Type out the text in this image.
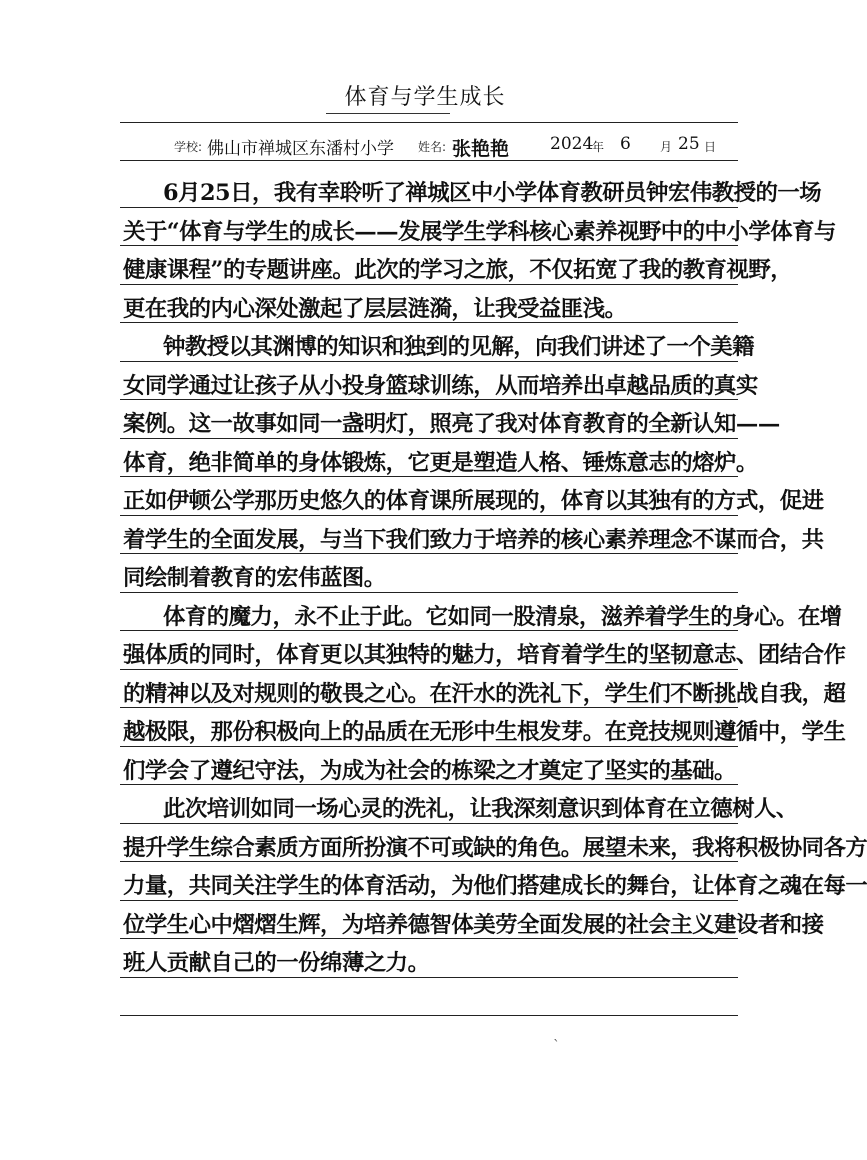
体育与学生成长
学校: 佛山市禅城区东潘村小学 姓名: 张艳艳 2024
年 6 月 25 日
6月25日，我有幸聆听了禅城区中小学体育教研员钟宏伟教授的一场
关于“体育与学生的成长——发展学生学科核心素养视野中的中小学体育与
健康课程”的专题讲座。此次的学习之旅，不仅拓宽了我的教育视野，
更在我的内心深处激起了层层涟漪，让我受益匪浅。
钟教授以其渊博的知识和独到的见解，向我们讲述了一个美籍
女同学通过让孩子从小投身篮球训练，从而培养出卓越品质的真实
案例。这一故事如同一盏明灯，照亮了我对体育教育的全新认知——
体育，绝非简单的身体锻炼，它更是塑造人格、锤炼意志的熔炉。
正如伊顿公学那历史悠久的体育课所展现的，体育以其独有的方式，促进
着学生的全面发展，与当下我们致力于培养的核心素养理念不谋而合，共
同绘制着教育的宏伟蓝图。
体育的魔力，永不止于此。它如同一股清泉，滋养着学生的身心。在增
强体质的同时，体育更以其独特的魅力，培育着学生的坚韧意志、团结合作
的精神以及对规则的敬畏之心。在汗水的洗礼下，学生们不断挑战自我，超
越极限，那份积极向上的品质在无形中生根发芽。在竞技规则遵循中，学生
们学会了遵纪守法，为成为社会的栋梁之才奠定了坚实的基础。
此次培训如同一场心灵的洗礼，让我深刻意识到体育在立德树人、
提升学生综合素质方面所扮演不可或缺的角色。展望未来，我将积极协同各方
力量，共同关注学生的体育活动，为他们搭建成长的舞台，让体育之魂在每一
位学生心中熠熠生辉，为培养德智体美劳全面发展的社会主义建设者和接
班人贡献自己的一份绵薄之力。
ˋ
